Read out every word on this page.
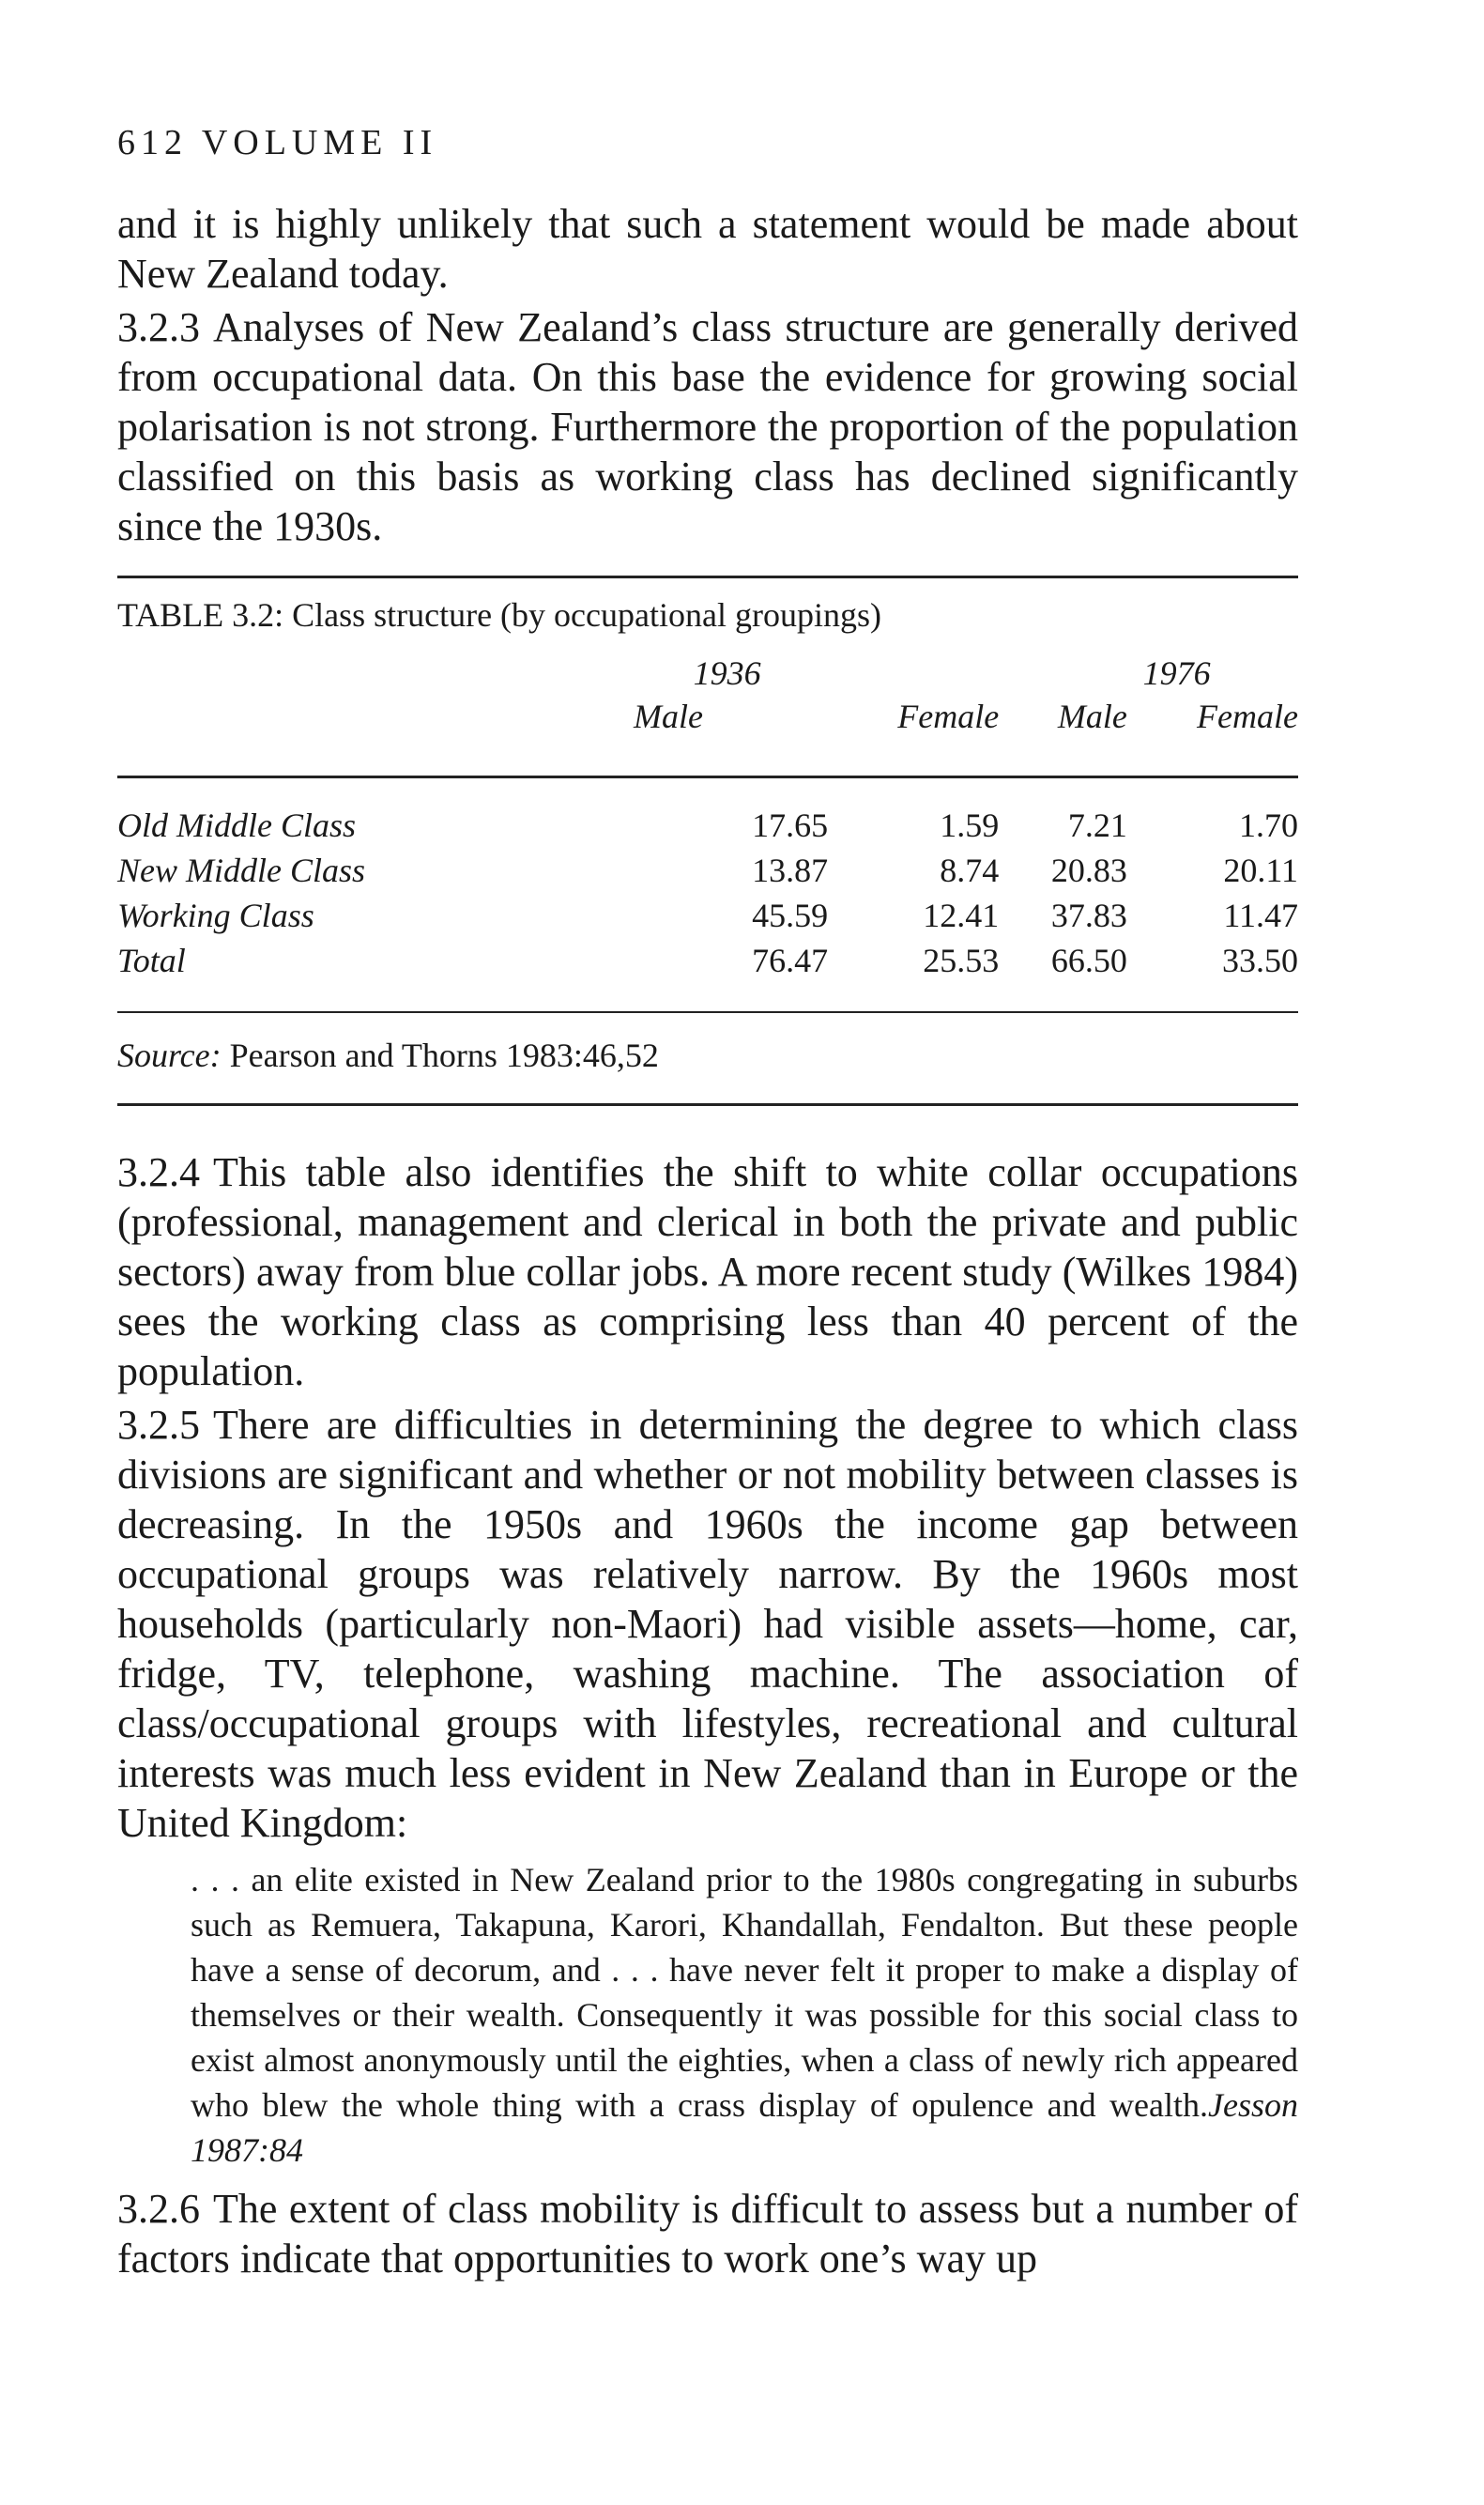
612 VOLUME II

and it is highly unlikely that such a statement would be made about New Zealand today.

3.2.3 Analyses of New Zealand’s class structure are generally derived from occupational data. On this base the evidence for growing social polarisation is not strong. Furthermore the proportion of the population classified on this basis as working class has declined significantly since the 1930s.

TABLE 3.2: Class structure (by occupational groupings)
	1936		1976	
	Male	Female	Male	Female

Old Middle Class	17.65	1.59	7.21	1.70
New Middle Class	13.87	8.74	20.83	20.11
Working Class	45.59	12.41	37.83	11.47
Total	76.47	25.53	66.50	33.50
Source: Pearson and Thorns 1983:46,52

3.2.4 This table also identifies the shift to white collar occupations (professional, management and clerical in both the private and public sectors) away from blue collar jobs. A more recent study (Wilkes 1984) sees the working class as comprising less than 40 percent of the population.

3.2.5 There are difficulties in determining the degree to which class divisions are significant and whether or not mobility between classes is decreasing. In the 1950s and 1960s the income gap between occupational groups was relatively narrow. By the 1960s most households (particularly non-Maori) had visible assets—home, car, fridge, TV, telephone, washing machine. The association of class/occupational groups with lifestyles, recreational and cultural interests was much less evident in New Zealand than in Europe or the United Kingdom:

. . . an elite existed in New Zealand prior to the 1980s congregating in suburbs such as Remuera, Takapuna, Karori, Khandallah, Fendalton. But these people have a sense of decorum, and . . . have never felt it proper to make a display of themselves or their wealth. Consequently it was possible for this social class to exist almost anonymously until the eighties, when a class of newly rich appeared who blew the whole thing with a crass display of opulence and wealth.Jesson 1987:84

3.2.6 The extent of class mobility is difficult to assess but a number of factors indicate that opportunities to work one’s way up
